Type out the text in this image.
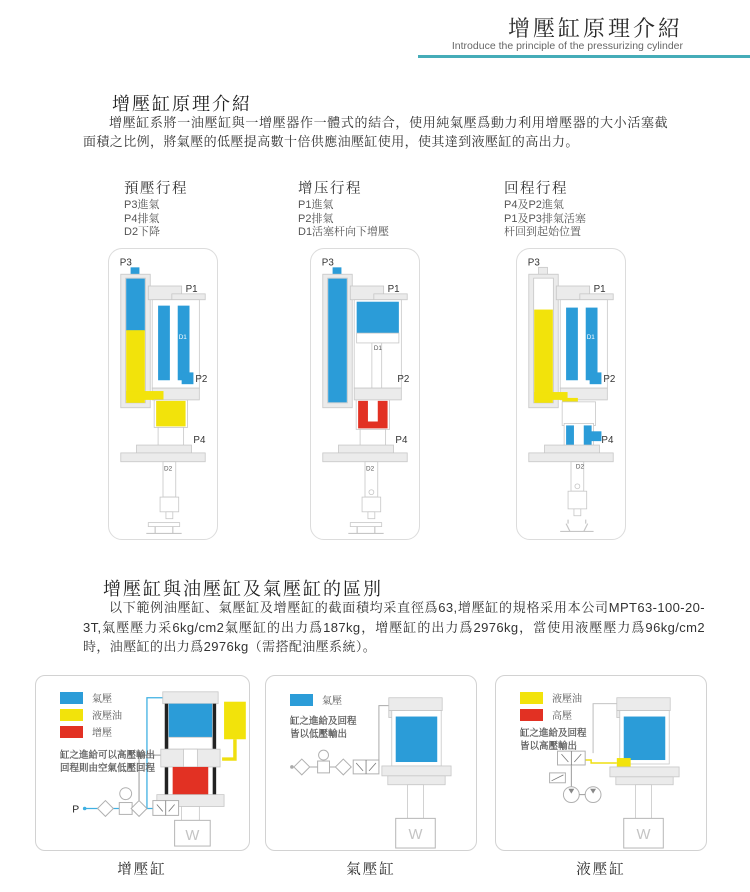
增壓缸原理介紹
Introduce the principle of the pressurizing cylinder
增壓缸原理介紹
增壓缸系將一油壓缸與一增壓器作一體式的結合，使用純氣壓爲動力利用增壓器的大小活塞截面積之比例，將氣壓的低壓提高數十倍供應油壓缸使用，使其達到液壓缸的高出力。
預壓行程
P3進氣
P4排氣
D2下降
增压行程
P1進氣
P2排氣
D1活塞杆向下增壓
回程行程
P4及P2進氣
P1及P3排氣活塞
杆回到起始位置
P3
P1
P2
P4
D1
D2
P3
P1
P2
P4
D1
D2
P3
P1
P2
P4
D1
D2
增壓缸與油壓缸及氣壓缸的區別
以下範例油壓缸、氣壓缸及增壓缸的截面積均采直徑爲63,增壓缸的規格采用本公司MPT63-100-20-3T,氣壓壓力采6kg/cm2氣壓缸的出力爲187kg，增壓缸的出力爲2976kg，當使用液壓壓力爲96kg/cm2時，油壓缸的出力爲2976kg（需搭配油壓系統）。
W
P
氣壓
液壓油
增壓
缸之進給可以高壓輸出
回程則由空氣低壓回程
W
氣壓
缸之進給及回程
皆以低壓輸出
W
液壓油
高壓
缸之進給及回程
皆以高壓輸出
增壓缸	氣壓缸	液壓缸
